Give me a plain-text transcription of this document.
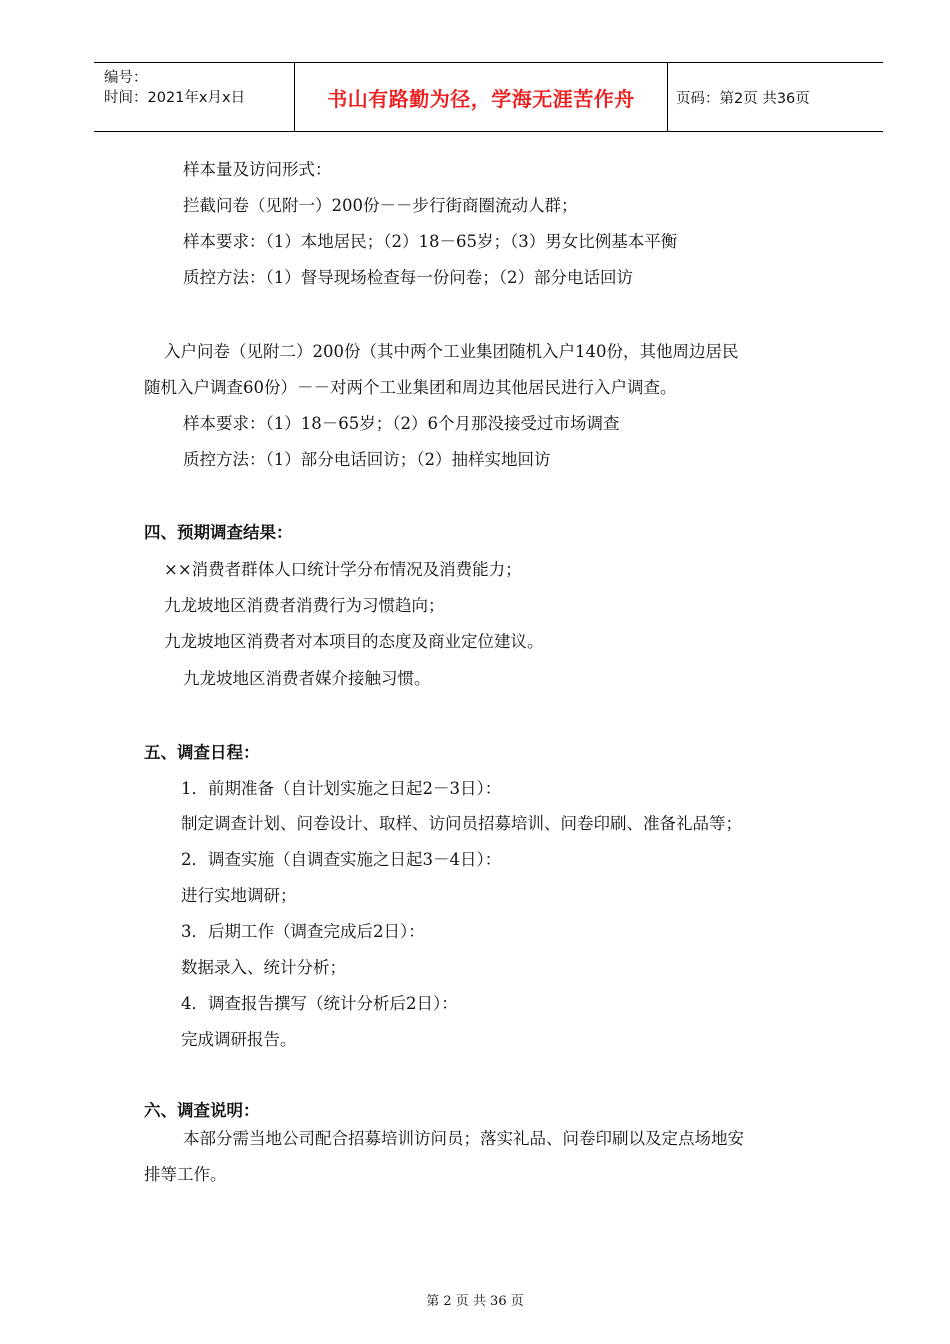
编号：
时间：2021年x月x日	书山有路勤为径，学海无涯苦作舟	页码：第2页 共36页
样本量及访问形式：
拦截问卷（见附一）200份－－步行街商圈流动人群；
样本要求：（1）本地居民；（2）18－65岁；（3）男女比例基本平衡
质控方法：（1）督导现场检查每一份问卷；（2）部分电话回访
入户问卷（见附二）200份（其中两个工业集团随机入户140份，其他周边居民
随机入户调查60份）－－对两个工业集团和周边其他居民进行入户调查。
样本要求：（1）18－65岁；（2）6个月那没接受过市场调查
质控方法：（1）部分电话回访；（2）抽样实地回访
四、预期调查结果：
××消费者群体人口统计学分布情况及消费能力；
九龙坡地区消费者消费行为习惯趋向；
九龙坡地区消费者对本项目的态度及商业定位建议。
九龙坡地区消费者媒介接触习惯。
五、调查日程：
1．前期准备（自计划实施之日起2－3日）：
制定调查计划、问卷设计、取样、访问员招募培训、问卷印刷、准备礼品等；
2．调查实施（自调查实施之日起3－4日）：
进行实地调研；
3．后期工作（调查完成后2日）：
数据录入、统计分析；
4．调查报告撰写（统计分析后2日）：
完成调研报告。
六、调查说明：
本部分需当地公司配合招募培训访问员；落实礼品、问卷印刷以及定点场地安
排等工作。
第 2 页 共 36 页
